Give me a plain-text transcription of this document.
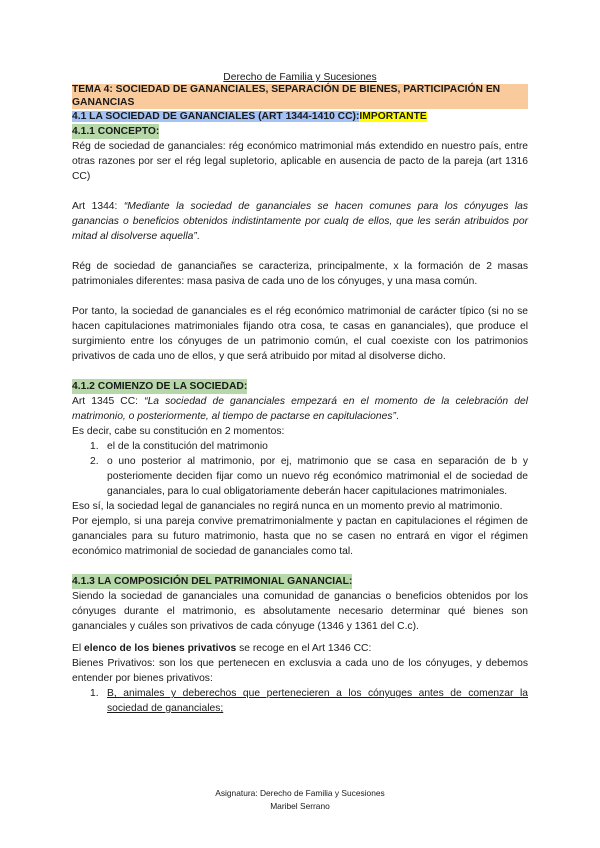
Derecho de Familia y Sucesiones
TEMA 4: SOCIEDAD DE GANANCIALES, SEPARACIÓN DE BIENES, PARTICIPACIÓN EN GANANCIAS
4.1 LA SOCIEDAD DE GANANCIALES (ART 1344-1410 CC):IMPORTANTE
4.1.1 CONCEPTO:

Rég de sociedad de gananciales: rég económico matrimonial más extendido en nuestro país, entre otras razones por ser el rég legal supletorio, aplicable en ausencia de pacto de la pareja (art 1316 CC)

Art 1344: “Mediante la sociedad de gananciales se hacen comunes para los cónyuges las ganancias o beneficios obtenidos indistintamente por cualq de ellos, que les serán atribuidos por mitad al disolverse aquella”.

Rég de sociedad de gananciañes se caracteriza, principalmente, x la formación de 2 masas patrimoniales diferentes: masa pasiva de cada uno de los cónyuges, y una masa común.

Por tanto, la sociedad de gananciales es el rég económico matrimonial de carácter típico (si no se hacen capitulaciones matrimoniales fijando otra cosa, te casas en gananciales), que produce el surgimiento entre los cónyuges de un patrimonio común, el cual coexiste con los patrimonios privativos de cada uno de ellos, y que será atribuido por mitad al disolverse dicho.

4.1.2 COMIENZO DE LA SOCIEDAD:

Art 1345 CC: “La sociedad de gananciales empezará en el momento de la celebración del matrimonio, o posteriormente, al tiempo de pactarse en capitulaciones”.

Es decir, cabe su constitución en 2 momentos:

1. el de la constitución del matrimonio
2. o uno posterior al matrimonio, por ej, matrimonio que se casa en separación de b y posteriomente deciden fijar como un nuevo rég económico matrimonial el de sociedad de gananciales, para lo cual obligatoriamente deberán hacer capitulaciones matrimoniales.

Eso sí, la sociedad legal de gananciales no regirá nunca en un momento previo al matrimonio.

Por ejemplo, si una pareja convive prematrimonialmente y pactan en capitulaciones el régimen de gananciales para su futuro matrimonio, hasta que no se casen no entrará en vigor el régimen económico matrimonial de sociedad de gananciales como tal.

4.1.3 LA COMPOSICIÓN DEL PATRIMONIAL GANANCIAL:

Siendo la sociedad de gananciales una comunidad de ganancias o beneficios obtenidos por los cónyuges durante el matrimonio, es absolutamente necesario determinar qué bienes son gananciales y cuáles son privativos de cada cónyuge (1346 y 1361 del C.c).

El elenco de los bienes privativos se recoge en el Art 1346 CC:

Bienes Privativos: son los que pertenecen en exclusvia a cada uno de los cónyuges, y debemos entender por bienes privativos:

1. B, animales y deberechos que pertenecieren a los cónyuges antes de comenzar la sociedad de gananciales;
Asignatura: Derecho de Familia y Sucesiones
Maribel Serrano
